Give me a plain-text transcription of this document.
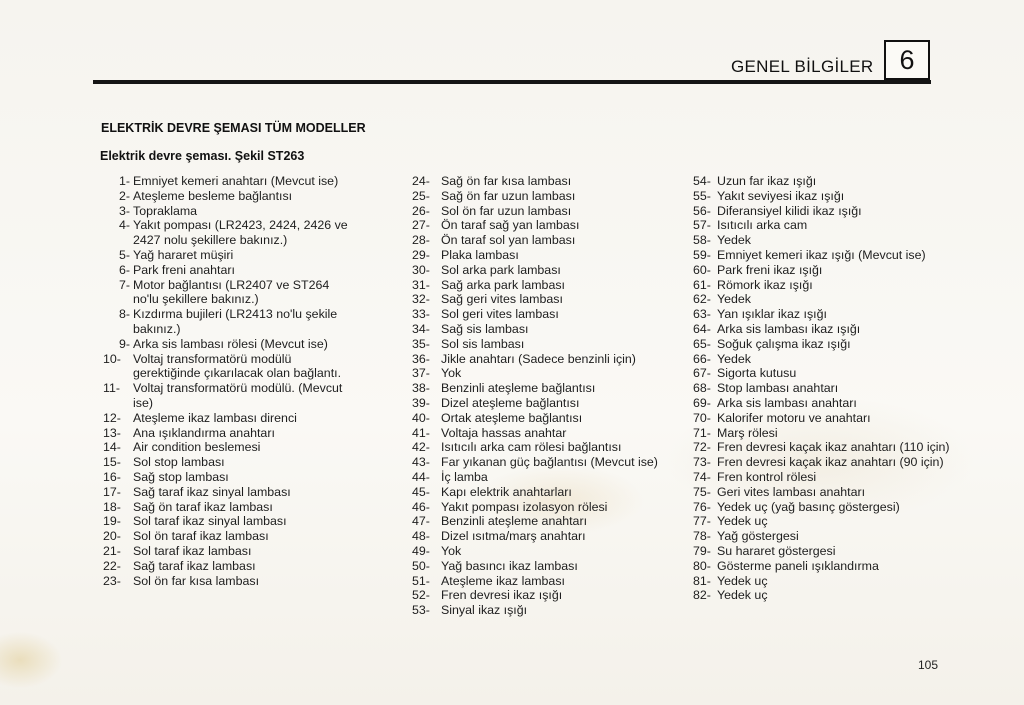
GENEL BİLGİLER 6
ELEKTRİK DEVRE ŞEMASI TÜM MODELLER
Elektrik devre şeması. Şekil ST263
1- Emniyet kemeri anahtarı (Mevcut ise)
2- Ateşleme besleme bağlantısı
3- Topraklama
4- Yakıt pompası (LR2423, 2424, 2426 ve 2427 nolu şekillere bakınız.)
5- Yağ hararet müşiri
6- Park freni anahtarı
7- Motor bağlantısı (LR2407 ve ST264 no'lu şekillere bakınız.)
8- Kızdırma bujileri (LR2413 no'lu şekile bakınız.)
9- Arka sis lambası rölesi (Mevcut ise)
10- Voltaj transformatörü modülü gerektiğinde çıkarılacak olan bağlantı.
11-	Voltaj transformatörü modülü. (Mevcut ise)
12- Ateşleme ikaz lambası direnci
13- Ana ışıklandırma anahtarı
14- Air condition beslemesi
15- Sol stop lambası
16- Sağ stop lambası
17- Sağ taraf ikaz sinyal lambası
18- Sağ ön taraf ikaz lambası
19- Sol taraf ikaz sinyal lambası
20- Sol ön taraf ikaz lambası
21- Sol taraf ikaz lambası
22- Sağ taraf ikaz lambası
23- Sol ön far kısa lambası
24- Sağ ön far kısa lambası
25- Sağ ön far uzun lambası
26- Sol ön far uzun lambası
27- Ön taraf sağ yan lambası
28- Ön taraf sol yan lambası
29- Plaka lambası
30- Sol arka park lambası
31- Sağ arka park lambası
32- Sağ geri vites lambası
33- Sol geri vites lambası
34- Sağ sis lambası
35- Sol sis lambası
36- Jikle anahtarı (Sadece benzinli için)
37- Yok
38- Benzinli ateşleme bağlantısı
39- Dizel ateşleme bağlantısı
40- Ortak ateşleme bağlantısı
41- Voltaja hassas anahtar
42- Isıtıcılı arka cam rölesi bağlantısı
43- Far yıkanan güç bağlantısı (Mevcut ise)
44- İç lamba
45- Kapı elektrik anahtarları
46- Yakıt pompası izolasyon rölesi
47- Benzinli ateşleme anahtarı
48- Dizel ısıtma/marş anahtarı
49- Yok
50- Yağ basıncı ikaz lambası
51- Ateşleme ikaz lambası
52- Fren devresi ikaz ışığı
53- Sinyal ikaz ışığı
54- Uzun far ikaz ışığı
55- Yakıt seviyesi ikaz ışığı
56- Diferansiyel kilidi ikaz ışığı
57- Isıtıcılı arka cam
58- Yedek
59- Emniyet kemeri ikaz ışığı (Mevcut ise)
60- Park freni ikaz ışığı
61- Römork ikaz ışığı
62- Yedek
63- Yan ışıklar ikaz ışığı
64- Arka sis lambası ikaz ışığı
65- Soğuk çalışma ikaz ışığı
66- Yedek
67- Sigorta kutusu
68- Stop lambası anahtarı
69- Arka sis lambası anahtarı
70- Kalorifer motoru ve anahtarı
71- Marş rölesi
72- Fren devresi kaçak ikaz anahtarı (110 için)
73- Fren devresi kaçak ikaz anahtarı (90 için)
74- Fren kontrol rölesi
75- Geri vites lambası anahtarı
76- Yedek uç (yağ basınç göstergesi)
77- Yedek uç
78- Yağ göstergesi
79- Su hararet göstergesi
80- Gösterme paneli ışıklandırma
81- Yedek uç
82- Yedek uç
105
